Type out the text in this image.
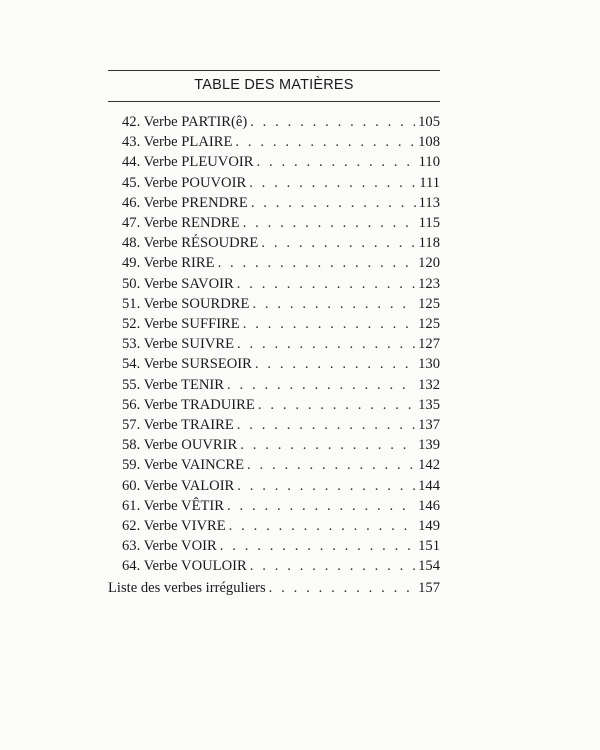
TABLE DES MATIÈRES
42. Verbe PARTIR(ê) . . .	105
43. Verbe PLAIRE . . .	108
44. Verbe PLEUVOIR . . .	110
45. Verbe POUVOIR . . .	111
46. Verbe PRENDRE . . .	113
47. Verbe RENDRE . . .	115
48. Verbe RÉSOUDRE . . .	118
49. Verbe RIRE . . .	120
50. Verbe SAVOIR . . .	123
51. Verbe SOURDRE . . .	125
52. Verbe SUFFIRE . . .	125
53. Verbe SUIVRE . . .	127
54. Verbe SURSEOIR . . .	130
55. Verbe TENIR . . .	132
56. Verbe TRADUIRE . . .	135
57. Verbe TRAIRE . . .	137
58. Verbe OUVRIR . . .	139
59. Verbe VAINCRE . . .	142
60. Verbe VALOIR . . .	144
61. Verbe VÊTIR . . .	146
62. Verbe VIVRE . . .	149
63. Verbe VOIR . . .	151
64. Verbe VOULOIR . . .	154
Liste des verbes irréguliers . . .	157
